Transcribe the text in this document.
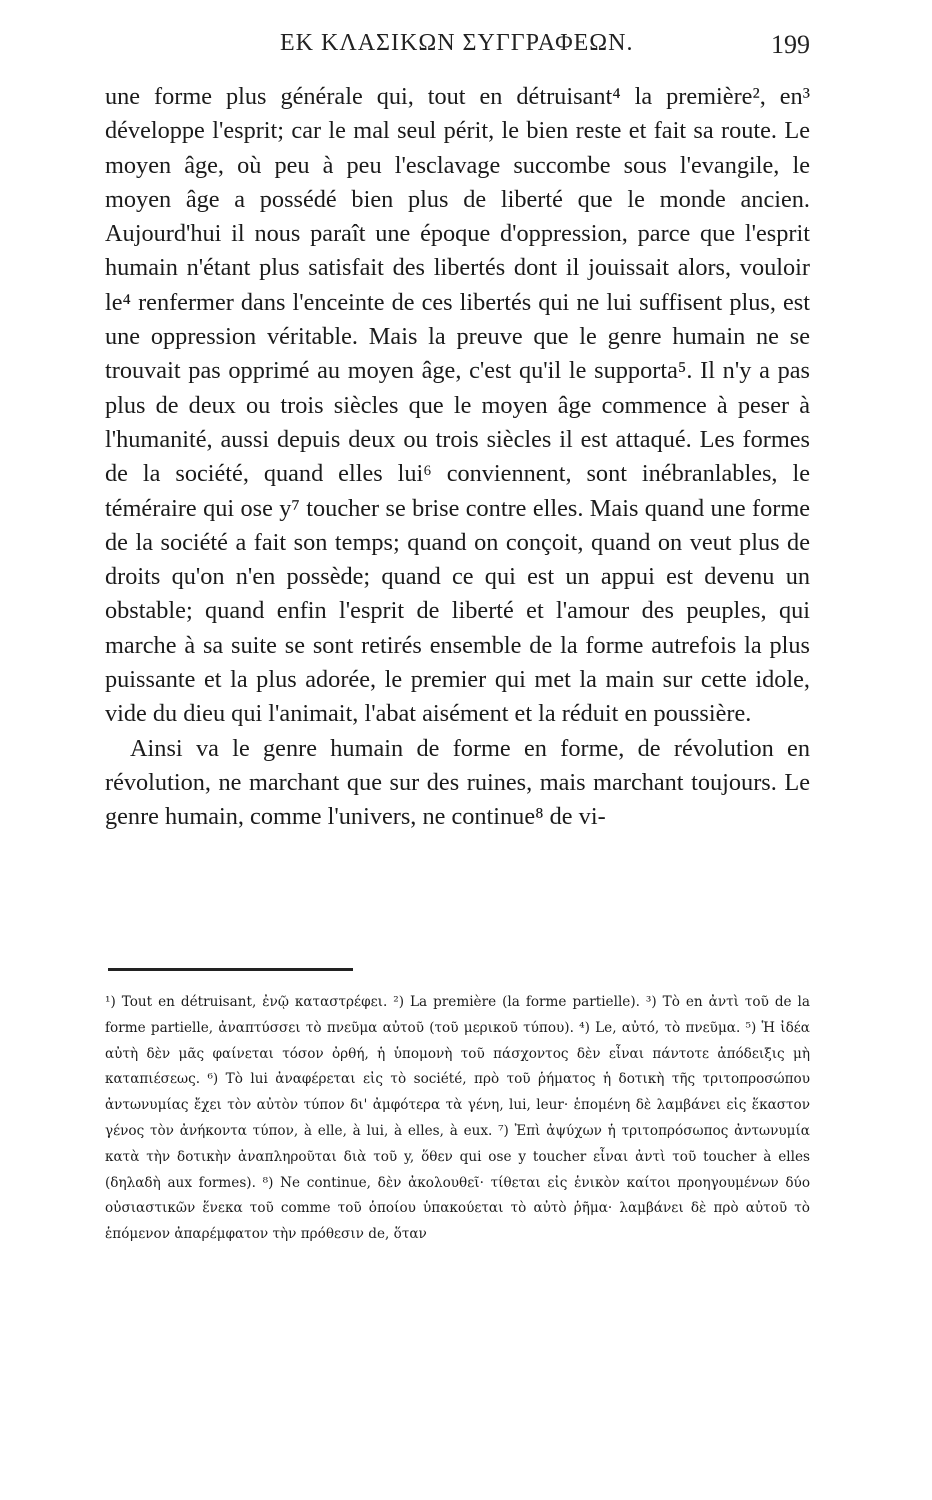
ΕΚ ΚΛΑΣΙΚΩΝ ΣΥΓΓΡΑΦΕΩΝ.	199

une forme plus générale qui, tout en détruisant⁴ la première², en³ développe l'esprit; car le mal seul périt, le bien reste et fait sa route. Le moyen âge, où peu à peu l'esclavage succombe sous l'evangile, le moyen âge a possédé bien plus de liberté que le monde ancien. Aujourd'hui il nous paraît une époque d'oppression, parce que l'esprit humain n'étant plus satisfait des libertés dont il jouissait alors, vouloir le⁴ renfermer dans l'enceinte de ces libertés qui ne lui suffisent plus, est une oppression véritable. Mais la preuve que le genre humain ne se trouvait pas opprimé au moyen âge, c'est qu'il le supporta⁵. Il n'y a pas plus de deux ou trois siècles que le moyen âge commence à peser à l'humanité, aussi depuis deux ou trois siècles il est attaqué. Les formes de la société, quand elles lui⁶ conviennent, sont inébranlables, le téméraire qui ose y⁷ toucher se brise contre elles. Mais quand une forme de la société a fait son temps; quand on conçoit, quand on veut plus de droits qu'on n'en possède; quand ce qui est un appui est devenu un obstable; quand enfin l'esprit de liberté et l'amour des peuples, qui marche à sa suite se sont retirés ensemble de la forme autrefois la plus puissante et la plus adorée, le premier qui met la main sur cette idole, vide du dieu qui l'animait, l'abat aisément et la réduit en poussière.

Ainsi va le genre humain de forme en forme, de révolution en révolution, ne marchant que sur des ruines, mais marchant toujours. Le genre humain, comme l'univers, ne continue⁸ de vi-

¹) Tout en détruisant, ἐνῷ καταστρέφει. ²) La première (la forme partielle). ³) Τὸ en ἀντὶ τοῦ de la forme partielle, ἀναπτύσσει τὸ πνεῦμα αὐτοῦ (τοῦ μερικοῦ τύπου). ⁴) Le, αὐτό, τὸ πνεῦμα. ⁵) Ἡ ἰδέα αὐτὴ δὲν μᾶς φαίνεται τόσον ὀρθή, ἡ ὑπομονὴ τοῦ πάσχοντος δὲν εἶναι πάντοτε ἀπόδειξις μὴ καταπιέσεως. ⁶) Τὸ lui ἀναφέρεται εἰς τὸ société, πρὸ τοῦ ῥήματος ἡ δοτικὴ τῆς τριτοπροσώπου ἀντωνυμίας ἔχει τὸν αὐτὸν τύπον δι' ἀμφότερα τὰ γένη, lui, leur· ἑπομένη δὲ λαμβάνει εἰς ἕκαστον γένος τὸν ἀνήκοντα τύπον, à elle, à lui, à elles, à eux. ⁷) Ἐπὶ ἀψύχων ἡ τριτοπρόσωπος ἀντωνυμία κατὰ τὴν δοτικὴν ἀναπληροῦται διὰ τοῦ y, ὅθεν qui ose y toucher εἶναι ἀντὶ τοῦ toucher à elles (δηλαδὴ aux formes). ⁸) Ne continue, δὲν ἀκολουθεῖ· τίθεται εἰς ἑνικὸν καίτοι προηγουμένων δύο οὐσιαστικῶν ἕνεκα τοῦ comme τοῦ ὁποίου ὑπακούεται τὸ αὐτὸ ῥῆμα· λαμβάνει δὲ πρὸ αὐτοῦ τὸ ἑπόμενον ἀπαρέμφατον τὴν πρόθεσιν de, ὅταν
